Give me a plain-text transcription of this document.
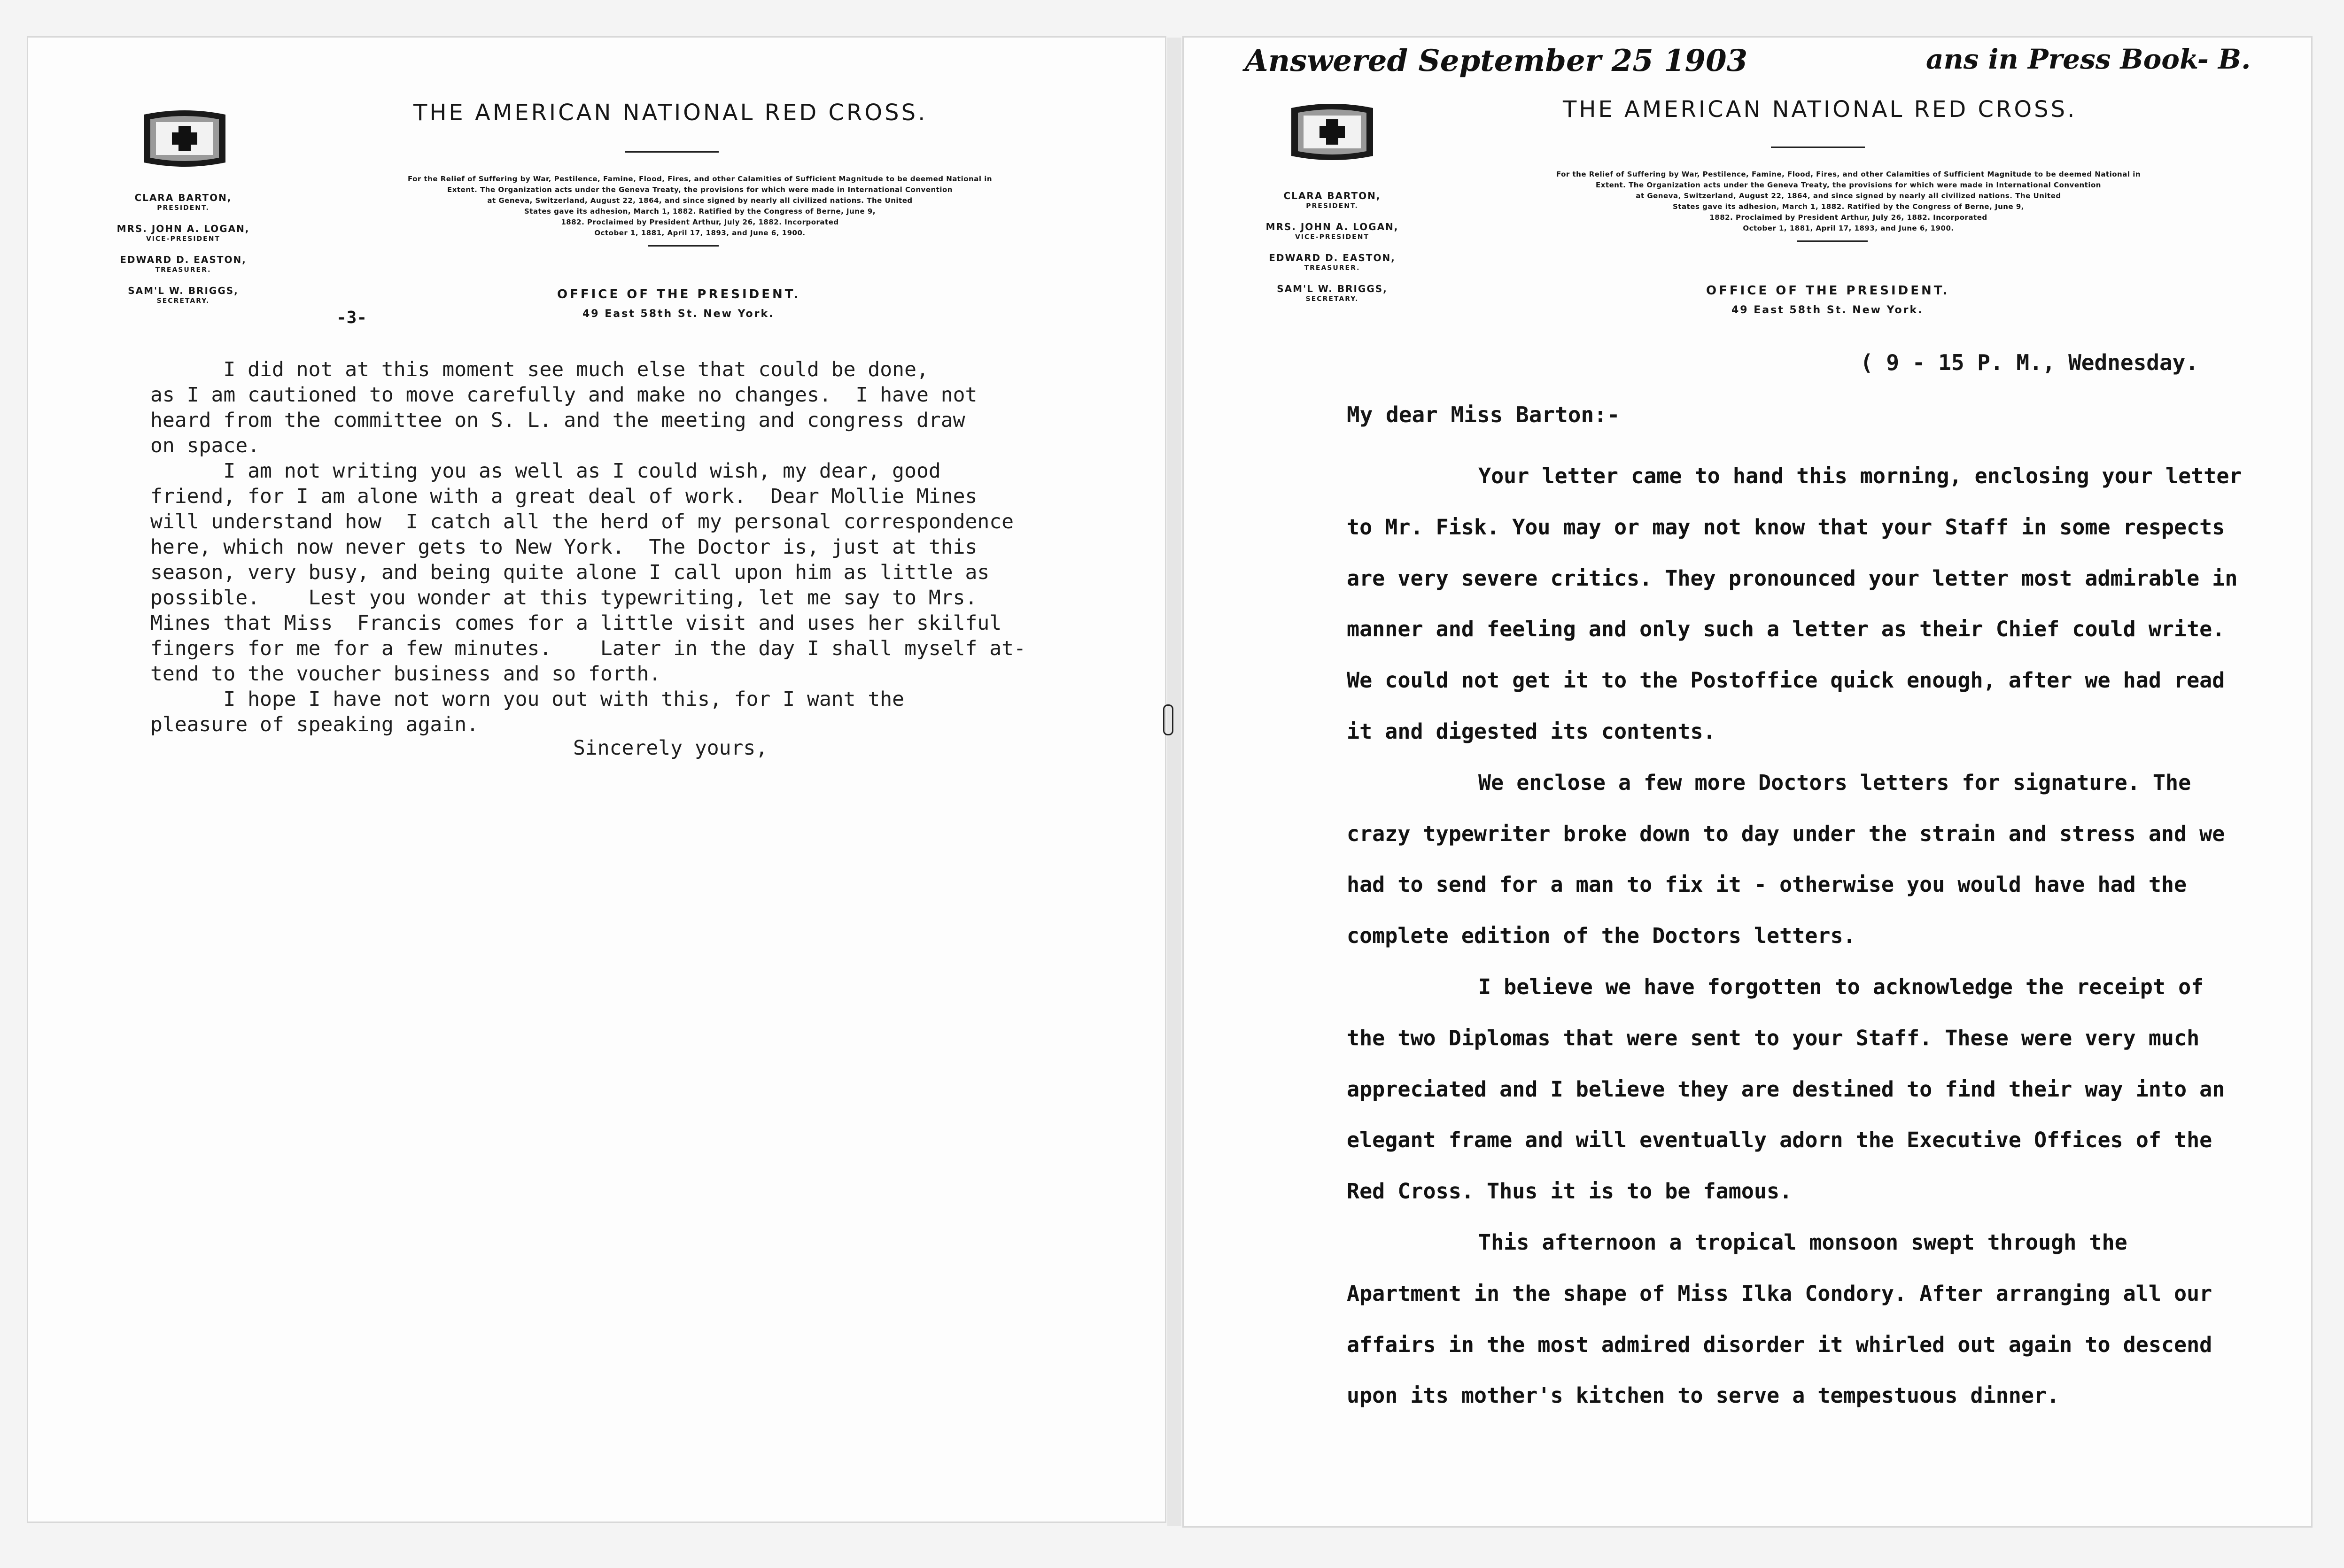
CLARA BARTON,
PRESIDENT.
MRS. JOHN A. LOGAN,
VICE-PRESIDENT
EDWARD D. EASTON,
TREASURER.
SAM'L W. BRIGGS,
SECRETARY.
THE AMERICAN NATIONAL RED CROSS.
For the Relief of Suffering by War, Pestilence, Famine, Flood, Fires, and other Calamities of Sufficient Magnitude to be deemed National in
Extent. The Organization acts under the Geneva Treaty, the provisions for which were made in International Convention
at Geneva, Switzerland, August 22, 1864, and since signed by nearly all civilized nations. The United
States gave its adhesion, March 1, 1882. Ratified by the Congress of Berne, June 9,
1882. Proclaimed by President Arthur, July 26, 1882. Incorporated
October 1, 1881, April 17, 1893, and June 6, 1900.
OFFICE OF THE PRESIDENT.
49 East 58th St. New York.
-3-

I did not at this moment see much else that could be done,

as I am cautioned to move carefully and make no changes.  I have not

heard from the committee on S. L. and the meeting and congress draw

on space.

I am not writing you as well as I could wish, my dear, good

friend, for I am alone with a great deal of work.  Dear Mollie Mines

will understand how  I catch all the herd of my personal correspondence

here, which now never gets to New York.  The Doctor is, just at this

season, very busy, and being quite alone I call upon him as little as

possible.    Lest you wonder at this typewriting, let me say to Mrs.

Mines that Miss  Francis comes for a little visit and uses her skilful

fingers for me for a few minutes.    Later in the day I shall myself at-

tend to the voucher business and so forth.

I hope I have not worn you out with this, for I want the

pleasure of speaking again.

Sincerely yours,
Answered September 25 1903	ans in Press Book- B.
CLARA BARTON,
PRESIDENT.
MRS. JOHN A. LOGAN,
VICE-PRESIDENT
EDWARD D. EASTON,
TREASURER.
SAM'L W. BRIGGS,
SECRETARY.
THE AMERICAN NATIONAL RED CROSS.
For the Relief of Suffering by War, Pestilence, Famine, Flood, Fires, and other Calamities of Sufficient Magnitude to be deemed National in
Extent. The Organization acts under the Geneva Treaty, the provisions for which were made in International Convention
at Geneva, Switzerland, August 22, 1864, and since signed by nearly all civilized nations. The United
States gave its adhesion, March 1, 1882. Ratified by the Congress of Berne, June 9,
1882. Proclaimed by President Arthur, July 26, 1882. Incorporated
October 1, 1881, April 17, 1893, and June 6, 1900.
OFFICE OF THE PRESIDENT.
49 East 58th St. New York.
( 9 - 15 P. M., Wednesday.
My dear Miss Barton:-

Your letter came to hand this morning, enclosing your letter to Mr. Fisk. You may or may not know that your Staff in some respects are very severe critics. They pronounced your letter most admirable in manner and feeling and only such a letter as their Chief could write. We could not get it to the Postoffice quick enough, after we had read it and digested its contents.

We enclose a few more Doctors letters for signature. The crazy typewriter broke down to day under the strain and stress and we had to send for a man to fix it - otherwise you would have had the complete edition of the Doctors letters.

I believe we have forgotten to acknowledge the receipt of the two Diplomas that were sent to your Staff. These were very much appreciated and I believe they are destined to find their way into an elegant frame and will eventually adorn the Executive Offices of the Red Cross. Thus it is to be famous.

This afternoon a tropical monsoon swept through the Apartment in the shape of Miss Ilka Condory. After arranging all our affairs in the most admired disorder it whirled out again to descend upon its mother's kitchen to serve a tempestuous dinner.
